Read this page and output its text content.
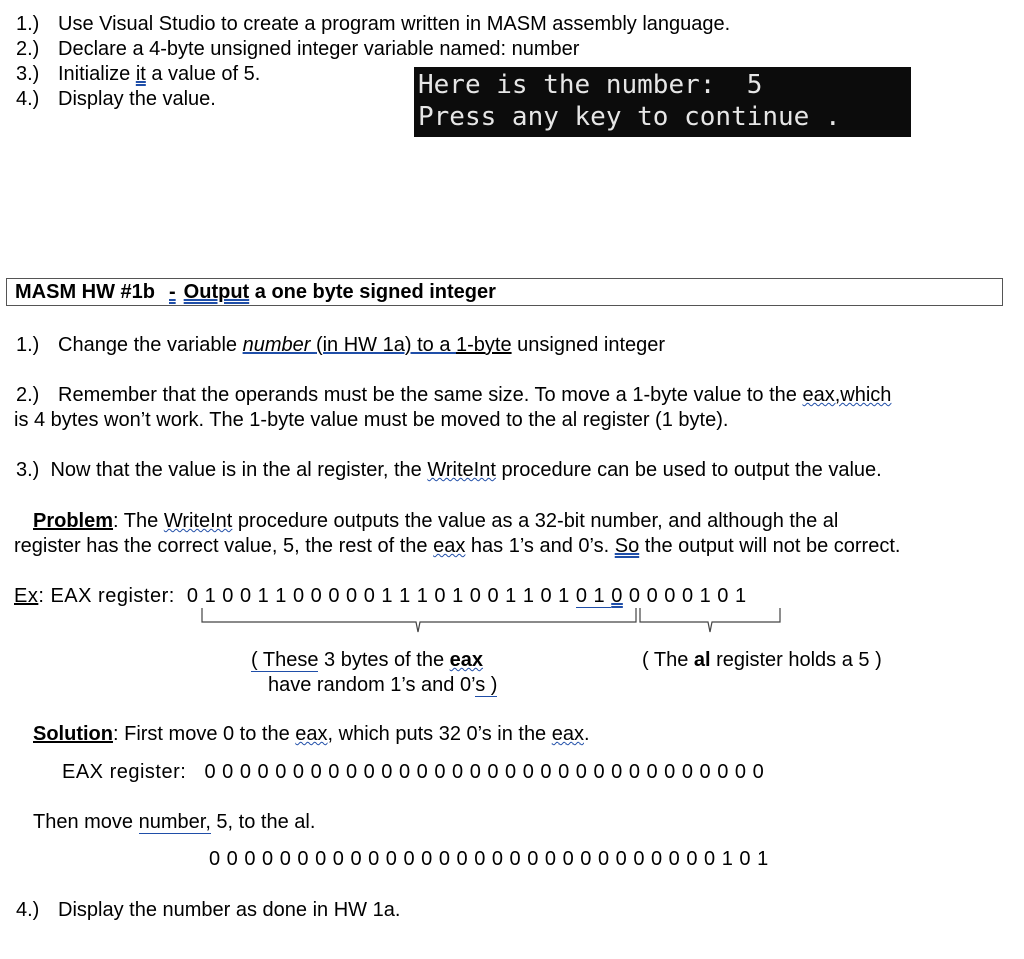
1.) Use Visual Studio to create a program written in MASM assembly language.
2.) Declare a 4-byte unsigned integer variable named: number
3.) Initialize it a value of 5.
4.) Display the value.	Here is the number:  5
Press any key to continue .
MASM HW #1b - Output a one byte signed integer
1.) Change the variable number (in HW 1a) to a 1-byte unsigned integer
2.) Remember that the operands must be the same size. To move a 1-byte value to the eax,which
is 4 bytes won’t work. The 1-byte value must be moved to the al register (1 byte).
3.) Now that the value is in the al register, the WriteInt procedure can be used to output the value.
Problem: The WriteInt procedure outputs the value as a 32-bit number, and although the al
register has the correct value, 5, the rest of the eax has 1’s and 0’s. So the output will not be correct.
Ex: EAX register: 0 1 0 0 1 1 0 0 0 0 0 1 1 1 0 1 0 0 1 1 0 1 0 1 0 0 0 0 0 1 0 1
( These 3 bytes of the eax
have random 1’s and 0’s )
( The al register holds a 5 )
Solution: First move 0 to the eax, which puts 32 0’s in the eax.
EAX register: 0 0 0 0 0 0 0 0 0 0 0 0 0 0 0 0 0 0 0 0 0 0 0 0 0 0 0 0 0 0 0 0
Then move number, 5, to the al.
0 0 0 0 0 0 0 0 0 0 0 0 0 0 0 0 0 0 0 0 0 0 0 0 0 0 0 0 0 1 0 1
4.) Display the number as done in HW 1a.
